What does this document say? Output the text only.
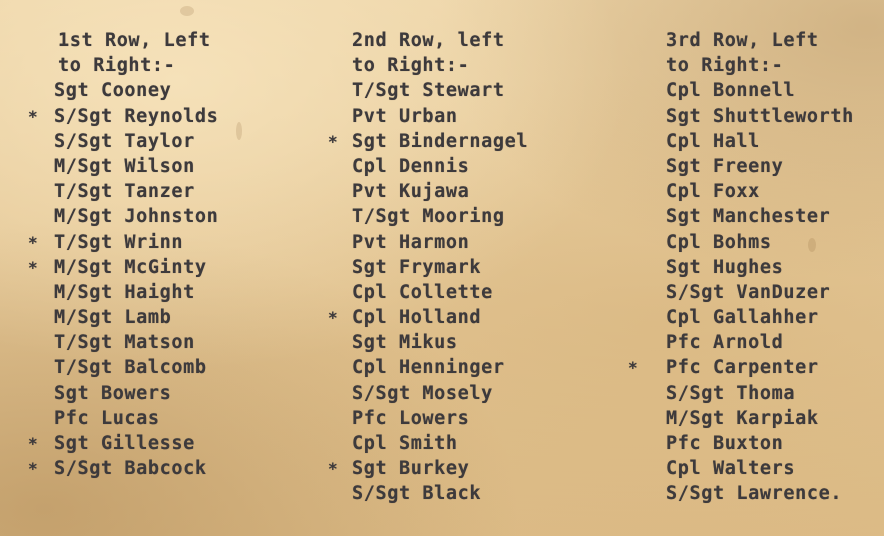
1st Row, Left
to Right:-
Sgt Cooney
* S/Sgt Reynolds
S/Sgt Taylor
M/Sgt Wilson
T/Sgt Tanzer
M/Sgt Johnston
* T/Sgt Wrinn
* M/Sgt McGinty
M/Sgt Haight
M/Sgt Lamb
T/Sgt Matson
T/Sgt Balcomb
Sgt Bowers
Pfc Lucas
* Sgt Gillesse
* S/Sgt Babcock
2nd Row, left
to Right:-
T/Sgt Stewart
Pvt Urban
* Sgt Bindernagel
Cpl Dennis
Pvt Kujawa
T/Sgt Mooring
Pvt Harmon
Sgt Frymark
Cpl Collette
* Cpl Holland
Sgt Mikus
Cpl Henninger
S/Sgt Mosely
Pfc Lowers
Cpl Smith
* Sgt Burkey
S/Sgt Black
3rd Row, Left
to Right:-
Cpl Bonnell
Sgt Shuttleworth
Cpl Hall
Sgt Freeny
Cpl Foxx
Sgt Manchester
Cpl Bohms
Sgt Hughes
S/Sgt VanDuzer
Cpl Gallahher
Pfc Arnold
* Pfc Carpenter
S/Sgt Thoma
M/Sgt Karpiak
Pfc Buxton
Cpl Walters
S/Sgt Lawrence.
